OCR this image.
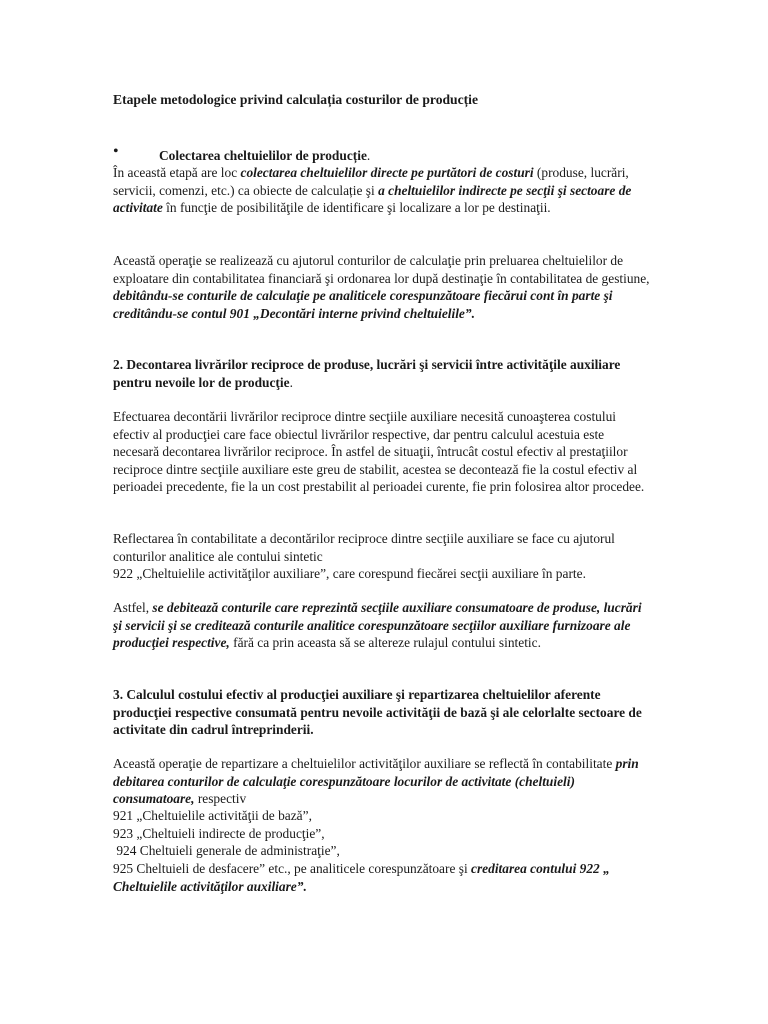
Etapele metodologice privind calculația costurilor de producție

•	Colectarea cheltuielilor de producție.

În această etapă are loc colectarea cheltuielilor directe pe purtători de costuri (produse, lucrări, servicii, comenzi, etc.) ca obiecte de calculație şi a cheltuielilor indirecte pe secţii şi sectoare de activitate în funcţie de posibilităţile de identificare şi localizare a lor pe destinaţii.

Această operaţie se realizează cu ajutorul conturilor de calculaţie prin preluarea cheltuielilor de exploatare din contabilitatea financiară şi ordonarea lor după destinaţie în contabilitatea de gestiune, debitându-se conturile de calculaţie pe analiticele corespunzătoare fiecărui cont în parte şi creditându-se contul 901 „Decontări interne privind cheltuielile”.

2. Decontarea livrărilor reciproce de produse, lucrări şi servicii între activităţile auxiliare pentru nevoile lor de producţie.

Efectuarea decontării livrărilor reciproce dintre secţiile auxiliare necesită cunoaşterea costului efectiv al producţiei care face obiectul livrărilor respective, dar pentru calculul acestuia este necesară decontarea livrărilor reciproce. În astfel de situaţii, întrucât costul efectiv al prestaţiilor reciproce dintre secţiile auxiliare este greu de stabilit, acestea se decontează fie la costul efectiv al perioadei precedente, fie la un cost prestabilit al perioadei curente, fie prin folosirea altor procedee.

Reflectarea în contabilitate a decontărilor reciproce dintre secţiile auxiliare se face cu ajutorul conturilor analitice ale contului sintetic

922 „Cheltuielile activităţilor auxiliare”, care corespund fiecărei secţii auxiliare în parte.

Astfel, se debitează conturile care reprezintă secţiile auxiliare consumatoare de produse, lucrări şi servicii şi se creditează conturile analitice corespunzătoare secţiilor auxiliare furnizoare ale producţiei respective, fără ca prin aceasta să se altereze rulajul contului sintetic.

3. Calculul costului efectiv al producţiei auxiliare şi repartizarea cheltuielilor aferente producţiei respective consumată pentru nevoile activităţii de bază şi ale celorlalte sectoare de activitate din cadrul întreprinderii.

Această operaţie de repartizare a cheltuielilor activităţilor auxiliare se reflectă în contabilitate prin debitarea conturilor de calculaţie corespunzătoare locurilor de activitate (cheltuieli) consumatoare, respectiv

921 „Cheltuielile activităţii de bază”,

923 „Cheltuieli indirecte de producţie”,

924 Cheltuieli generale de administraţie”,

925 Cheltuieli de desfacere” etc., pe analiticele corespunzătoare şi creditarea contului 922 „ Cheltuielile activităţilor auxiliare”.
